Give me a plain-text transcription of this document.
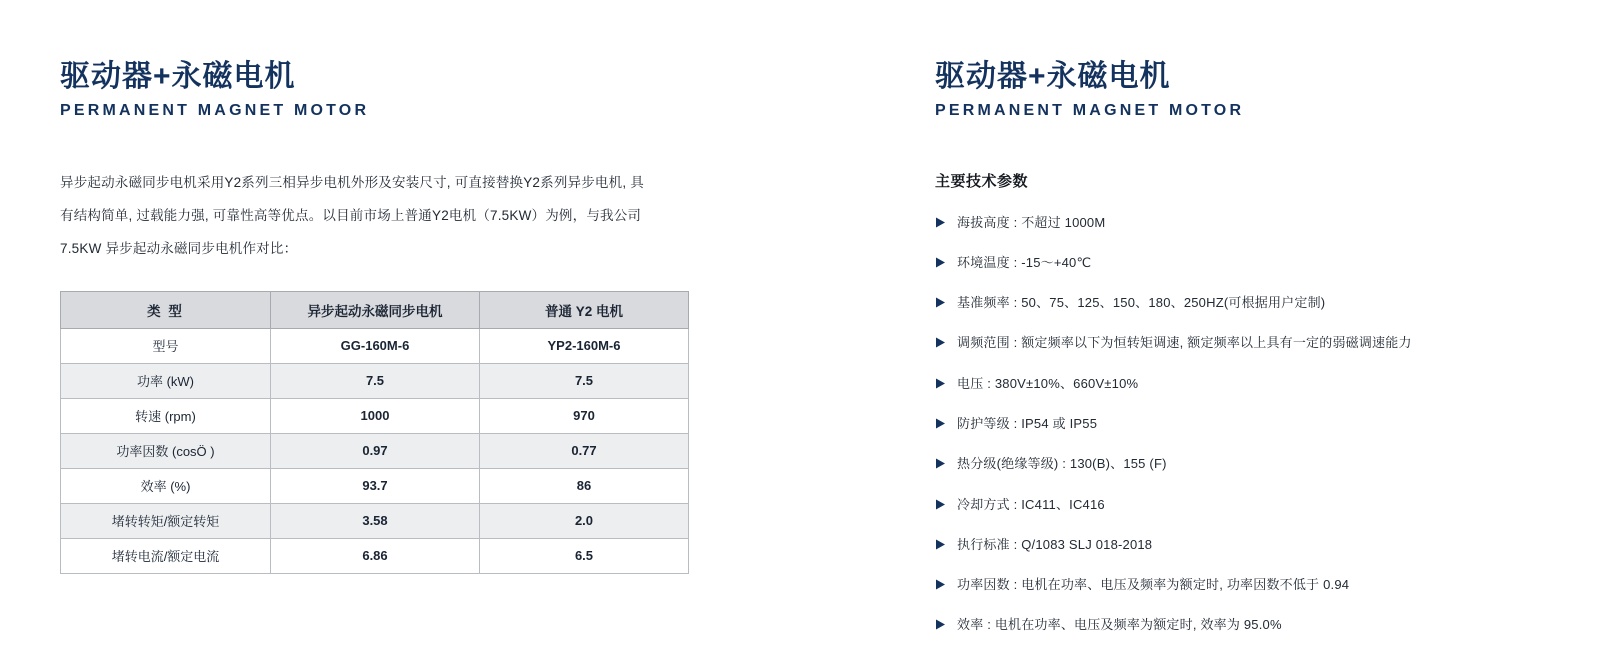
驱动器+永磁电机
PERMANENT MAGNET MOTOR

异步起动永磁同步电机采用Y2系列三相异步电机外形及安装尺寸, 可直接替换Y2系列异步电机, 具有结构简单, 过载能力强, 可靠性高等优点。以目前市场上普通Y2电机（7.5KW）为例，与我公司7.5KW 异步起动永磁同步电机作对比：

类 型	异步起动永磁同步电机	普通 Y2 电机
型号	GG-160M-6	YP2-160M-6
功率 (kW)	7.5	7.5
转速 (rpm)	1000	970
功率因数 (cosÖ )	0.97	0.77
效率 (%)	93.7	86
堵转转矩/额定转矩	3.58	2.0
堵转电流/额定电流	6.86	6.5
驱动器+永磁电机
PERMANENT MAGNET MOTOR
主要技术参数
海拔高度 : 不超过 1000M
环境温度 : -15〜+40℃
基准频率 : 50、75、125、150、180、250HZ(可根据用户定制)
调频范围 : 额定频率以下为恒转矩调速, 额定频率以上具有一定的弱磁调速能力
电压 : 380V±10%、660V±10%
防护等级 : IP54 或 IP55
热分级(绝缘等级) : 130(B)、155 (F)
冷却方式 : IC411、IC416
执行标准 : Q/1083 SLJ 018-2018
功率因数 : 电机在功率、电压及频率为额定时, 功率因数不低于 0.94
效率 : 电机在功率、电压及频率为额定时, 效率为 95.0%
